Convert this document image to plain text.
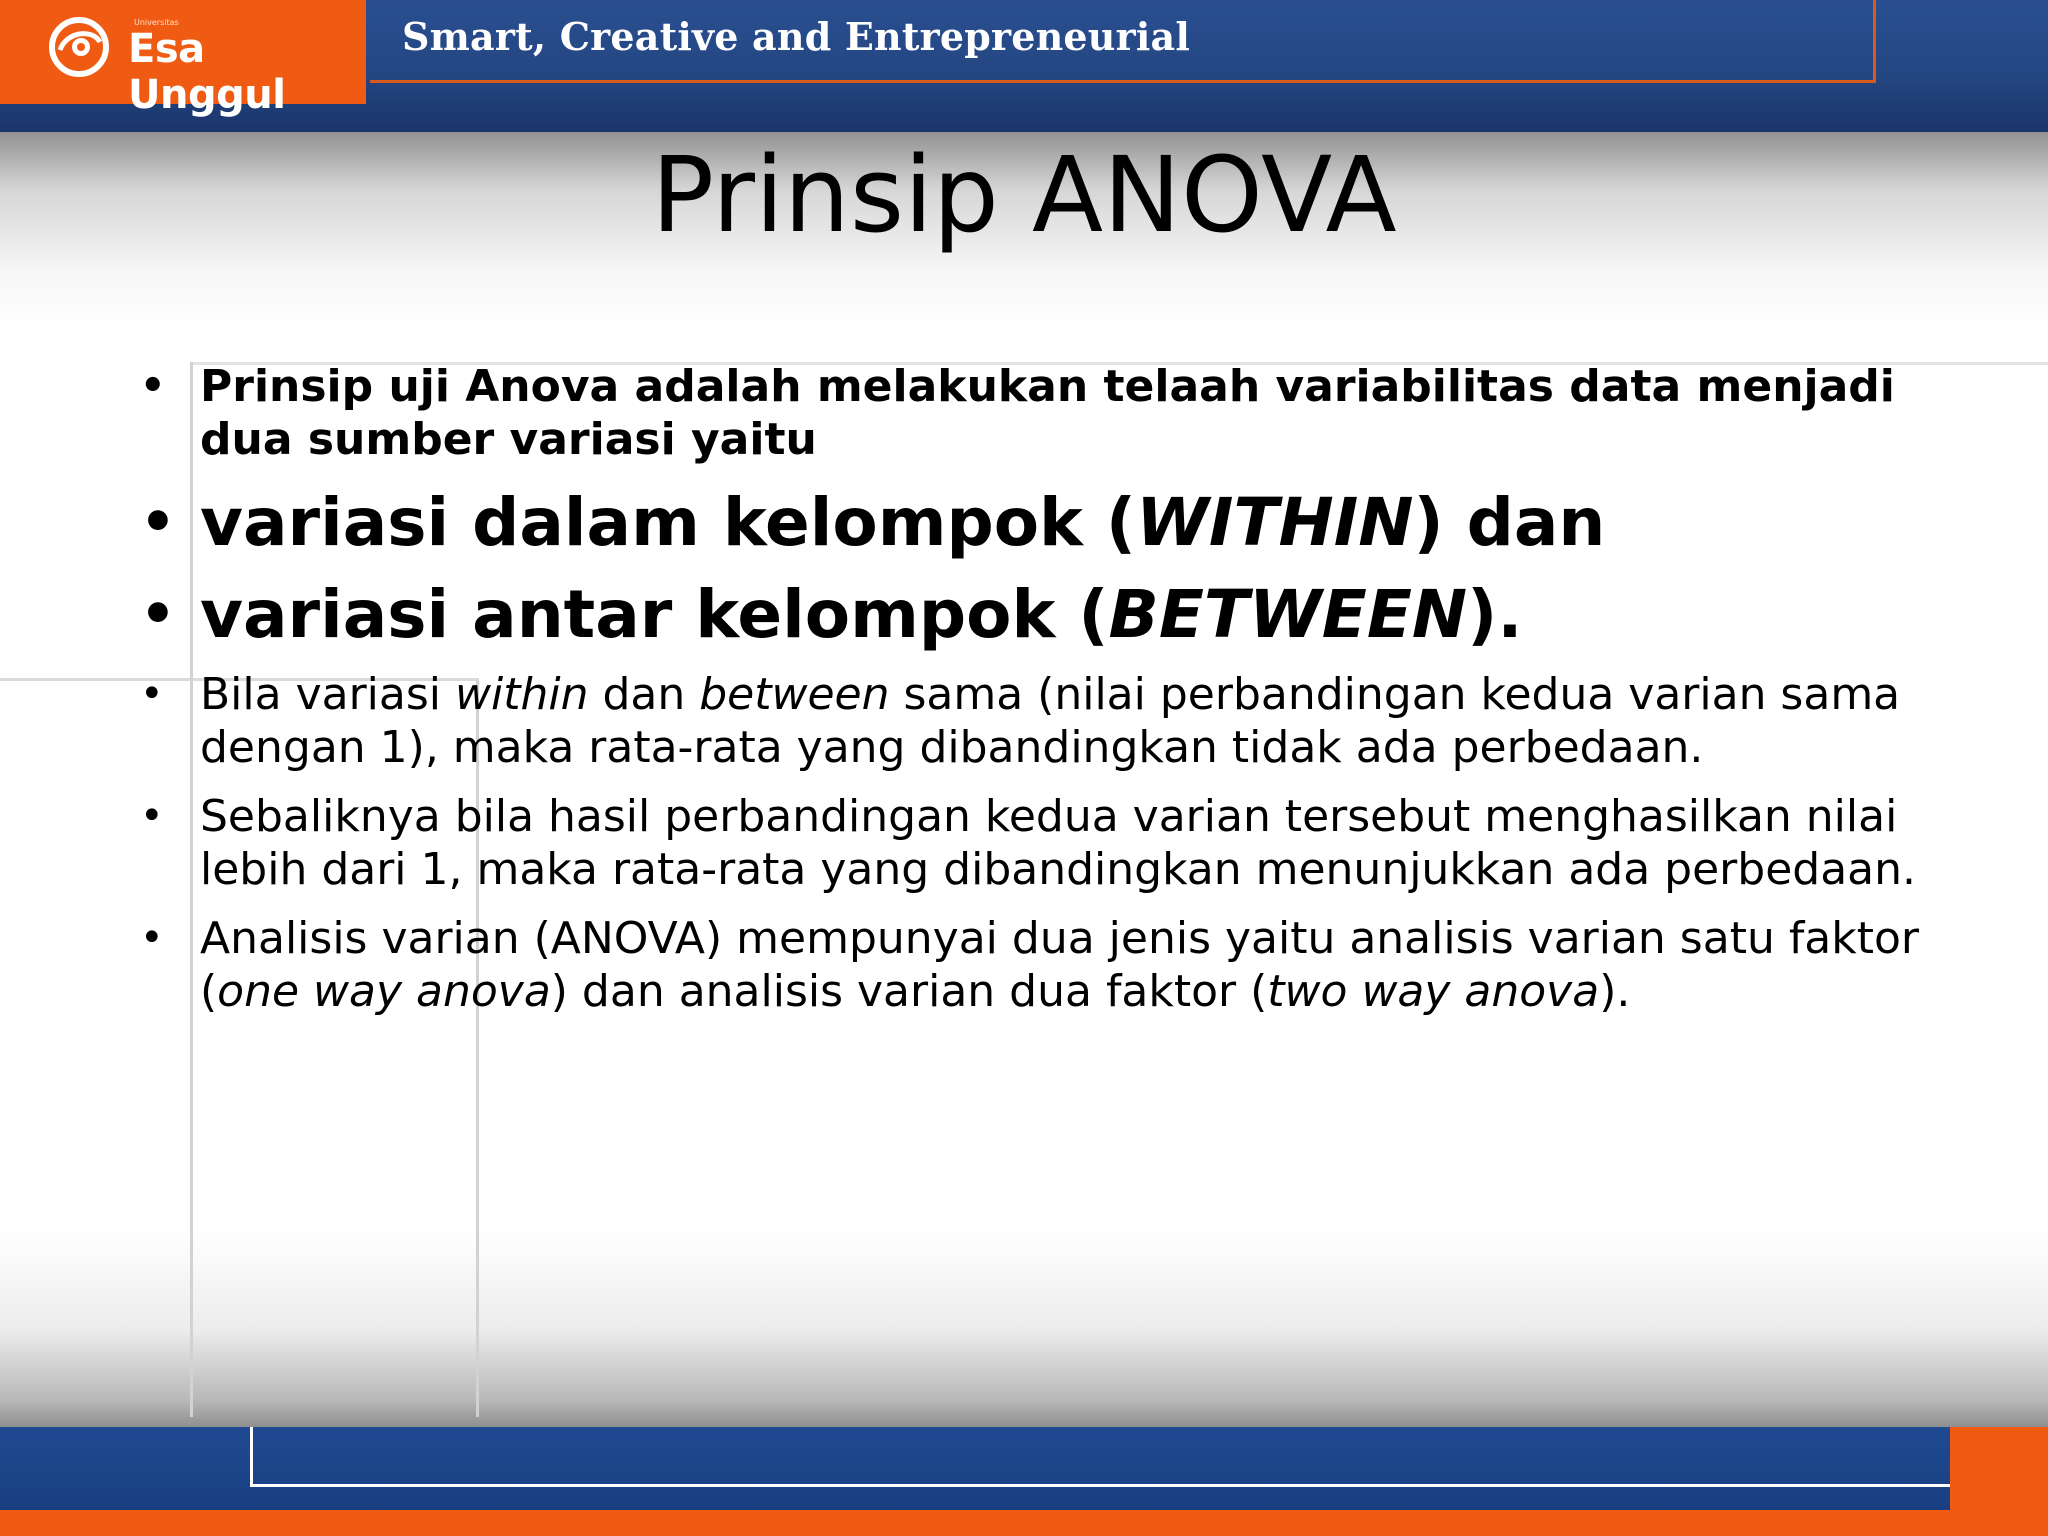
Smart, Creative and Entrepreneurial
Universitas
Esa Unggul
Prinsip ANOVA
• Prinsip uji Anova adalah melakukan telaah variabilitas data menjadi dua sumber variasi yaitu
• variasi dalam kelompok (WITHIN) dan
• variasi antar kelompok (BETWEEN).
• Bila variasi within dan between sama (nilai perbandingan kedua varian sama dengan 1), maka rata-rata yang dibandingkan tidak ada perbedaan.
• Sebaliknya bila hasil perbandingan kedua varian tersebut menghasilkan nilai lebih dari 1, maka rata-rata yang dibandingkan menunjukkan ada perbedaan.
• Analisis varian (ANOVA) mempunyai dua jenis yaitu analisis varian satu faktor (one way anova) dan analisis varian dua faktor (two way anova).
